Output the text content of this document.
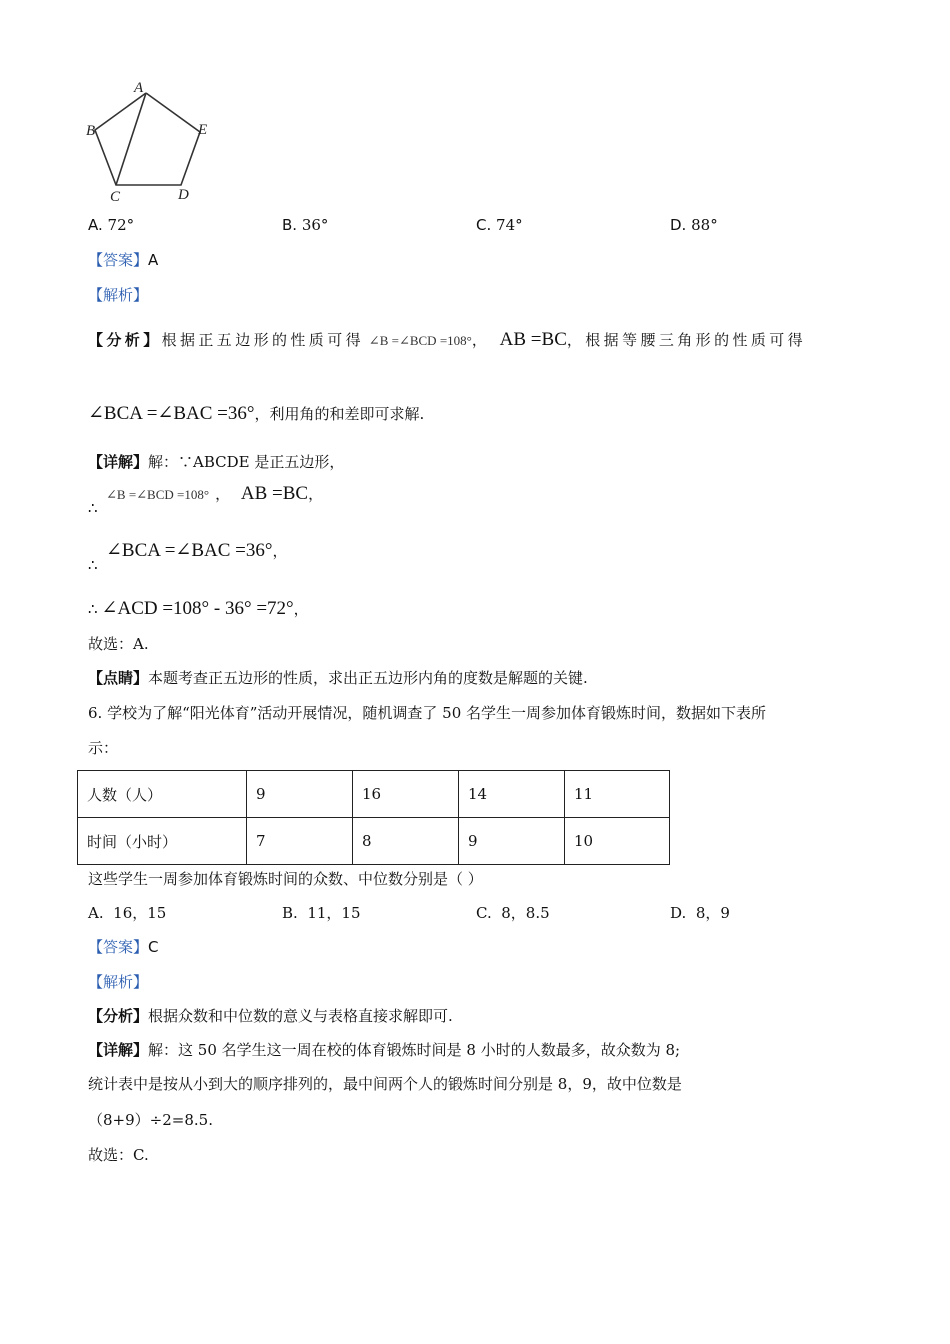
A
B
C	D
E
A. 72°	B. 36°	C. 74°	D. 88°
【答案】A
【解析】
【分析】根据正五边形的性质可得 ∠B =∠BCD =108°， AB =BC，根据等腰三角形的性质可得
∠BCA =∠BAC =36°，利用角的和差即可求解.
【详解】解：∵ABCDE 是正五边形，
∴
∠B =∠BCD =108° ， AB =BC，
∴
∠BCA =∠BAC =36°，
∴ ∠ACD =108° - 36° =72°，
故选：A.
【点睛】本题考查正五边形的性质，求出正五边形内角的度数是解题的关键.
6. 学校为了解“阳光体育”活动开展情况，随机调查了 50 名学生一周参加体育锻炼时间，数据如下表所
示：
人数（人）	9	16	14	11
时间（小时）	7	8	9	10
这些学生一周参加体育锻炼时间的众数、中位数分别是（ ）
A. 16，15	B. 11，15	C. 8，8.5	D. 8，9
【答案】C
【解析】
【分析】根据众数和中位数的意义与表格直接求解即可.
【详解】解：这 50 名学生这一周在校的体育锻炼时间是 8 小时的人数最多，故众数为 8;
统计表中是按从小到大的顺序排列的，最中间两个人的锻炼时间分别是 8，9，故中位数是
（8+9）÷2=8.5.
故选：C.
